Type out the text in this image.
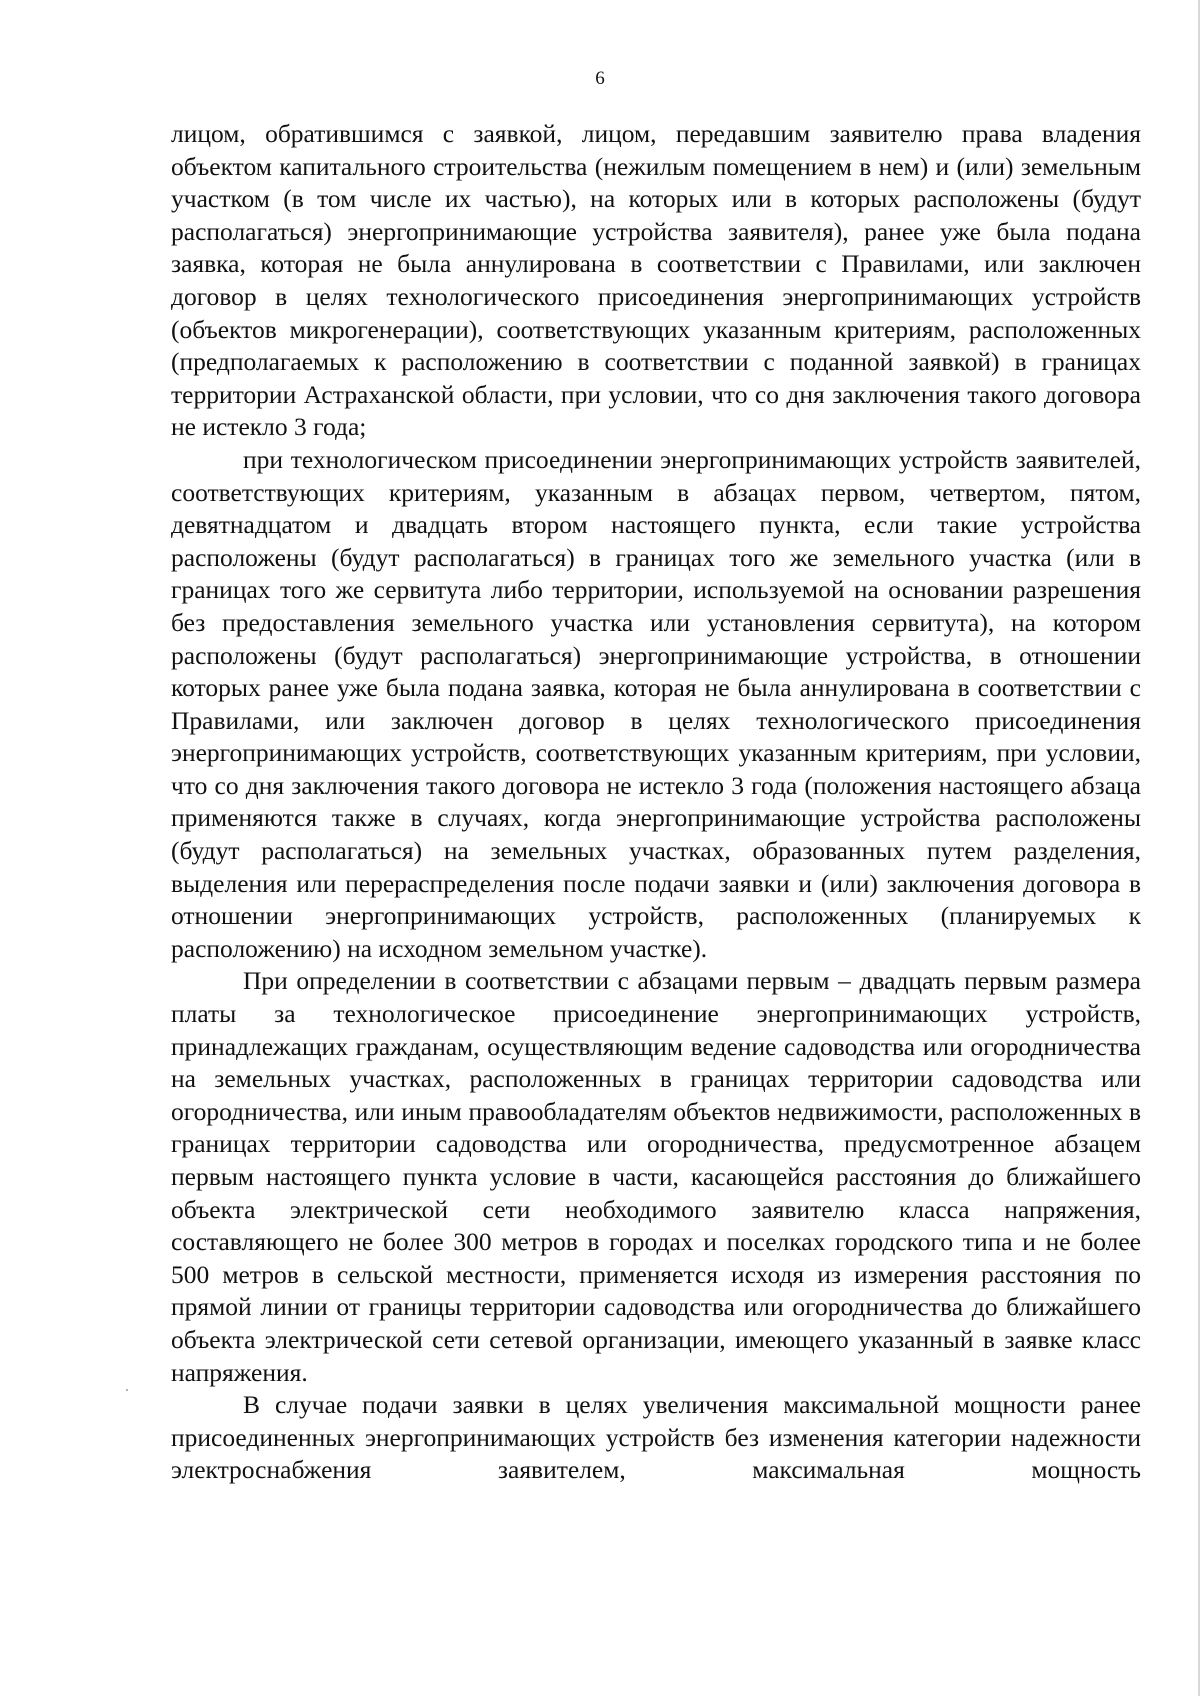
6

лицом, обратившимся с заявкой, лицом, передавшим заявителю права владения объектом капитального строительства (нежилым помещением в нем) и (или) земельным участком (в том числе их частью), на которых или в которых расположены (будут располагаться) энергопринимающие устройства заявителя), ранее уже была подана заявка, которая не была аннулирована в соответствии с Правилами, или заключен договор в целях технологического присоединения энергопринимающих устройств (объектов микрогенерации), соответствующих указанным критериям, расположенных (предполагаемых к расположению в соответствии с поданной заявкой) в границах территории Астраханской области, при условии, что со дня заключения такого договора не истекло 3 года;

при технологическом присоединении энергопринимающих устройств заявителей, соответствующих критериям, указанным в абзацах первом, четвертом, пятом, девятнадцатом и двадцать втором настоящего пункта, если такие устройства расположены (будут располагаться) в границах того же земельного участка (или в границах того же сервитута либо территории, используемой на основании разрешения без предоставления земельного участка или установления сервитута), на котором расположены (будут располагаться) энергопринимающие устройства, в отношении которых ранее уже была подана заявка, которая не была аннулирована в соответствии с Правилами, или заключен договор в целях технологического присоединения энергопринимающих устройств, соответствующих указанным критериям, при условии, что со дня заключения такого договора не истекло 3 года (положения настоящего абзаца применяются также в случаях, когда энергопринимающие устройства расположены (будут располагаться) на земельных участках, образованных путем разделения, выделения или перераспределения после подачи заявки и (или) заключения договора в отношении энергопринимающих устройств, расположенных (планируемых к расположению) на исходном земельном участке).

При определении в соответствии с абзацами первым – двадцать первым размера платы за технологическое присоединение энергопринимающих устройств, принадлежащих гражданам, осуществляющим ведение садоводства или огородничества на земельных участках, расположенных в границах территории садоводства или огородничества, или иным правообладателям объектов недвижимости, расположенных в границах территории садоводства или огородничества, предусмотренное абзацем первым настоящего пункта условие в части, касающейся расстояния до ближайшего объекта электрической сети необходимого заявителю класса напряжения, составляющего не более 300 метров в городах и поселках городского типа и не более 500 метров в сельской местности, применяется исходя из измерения расстояния по прямой линии от границы территории садоводства или огородничества до ближайшего объекта электрической сети сетевой организации, имеющего указанный в заявке класс напряжения.

В случае подачи заявки в целях увеличения максимальной мощности ранее присоединенных энергопринимающих устройств без изменения категории надежности электроснабжения заявителем, максимальная мощность
